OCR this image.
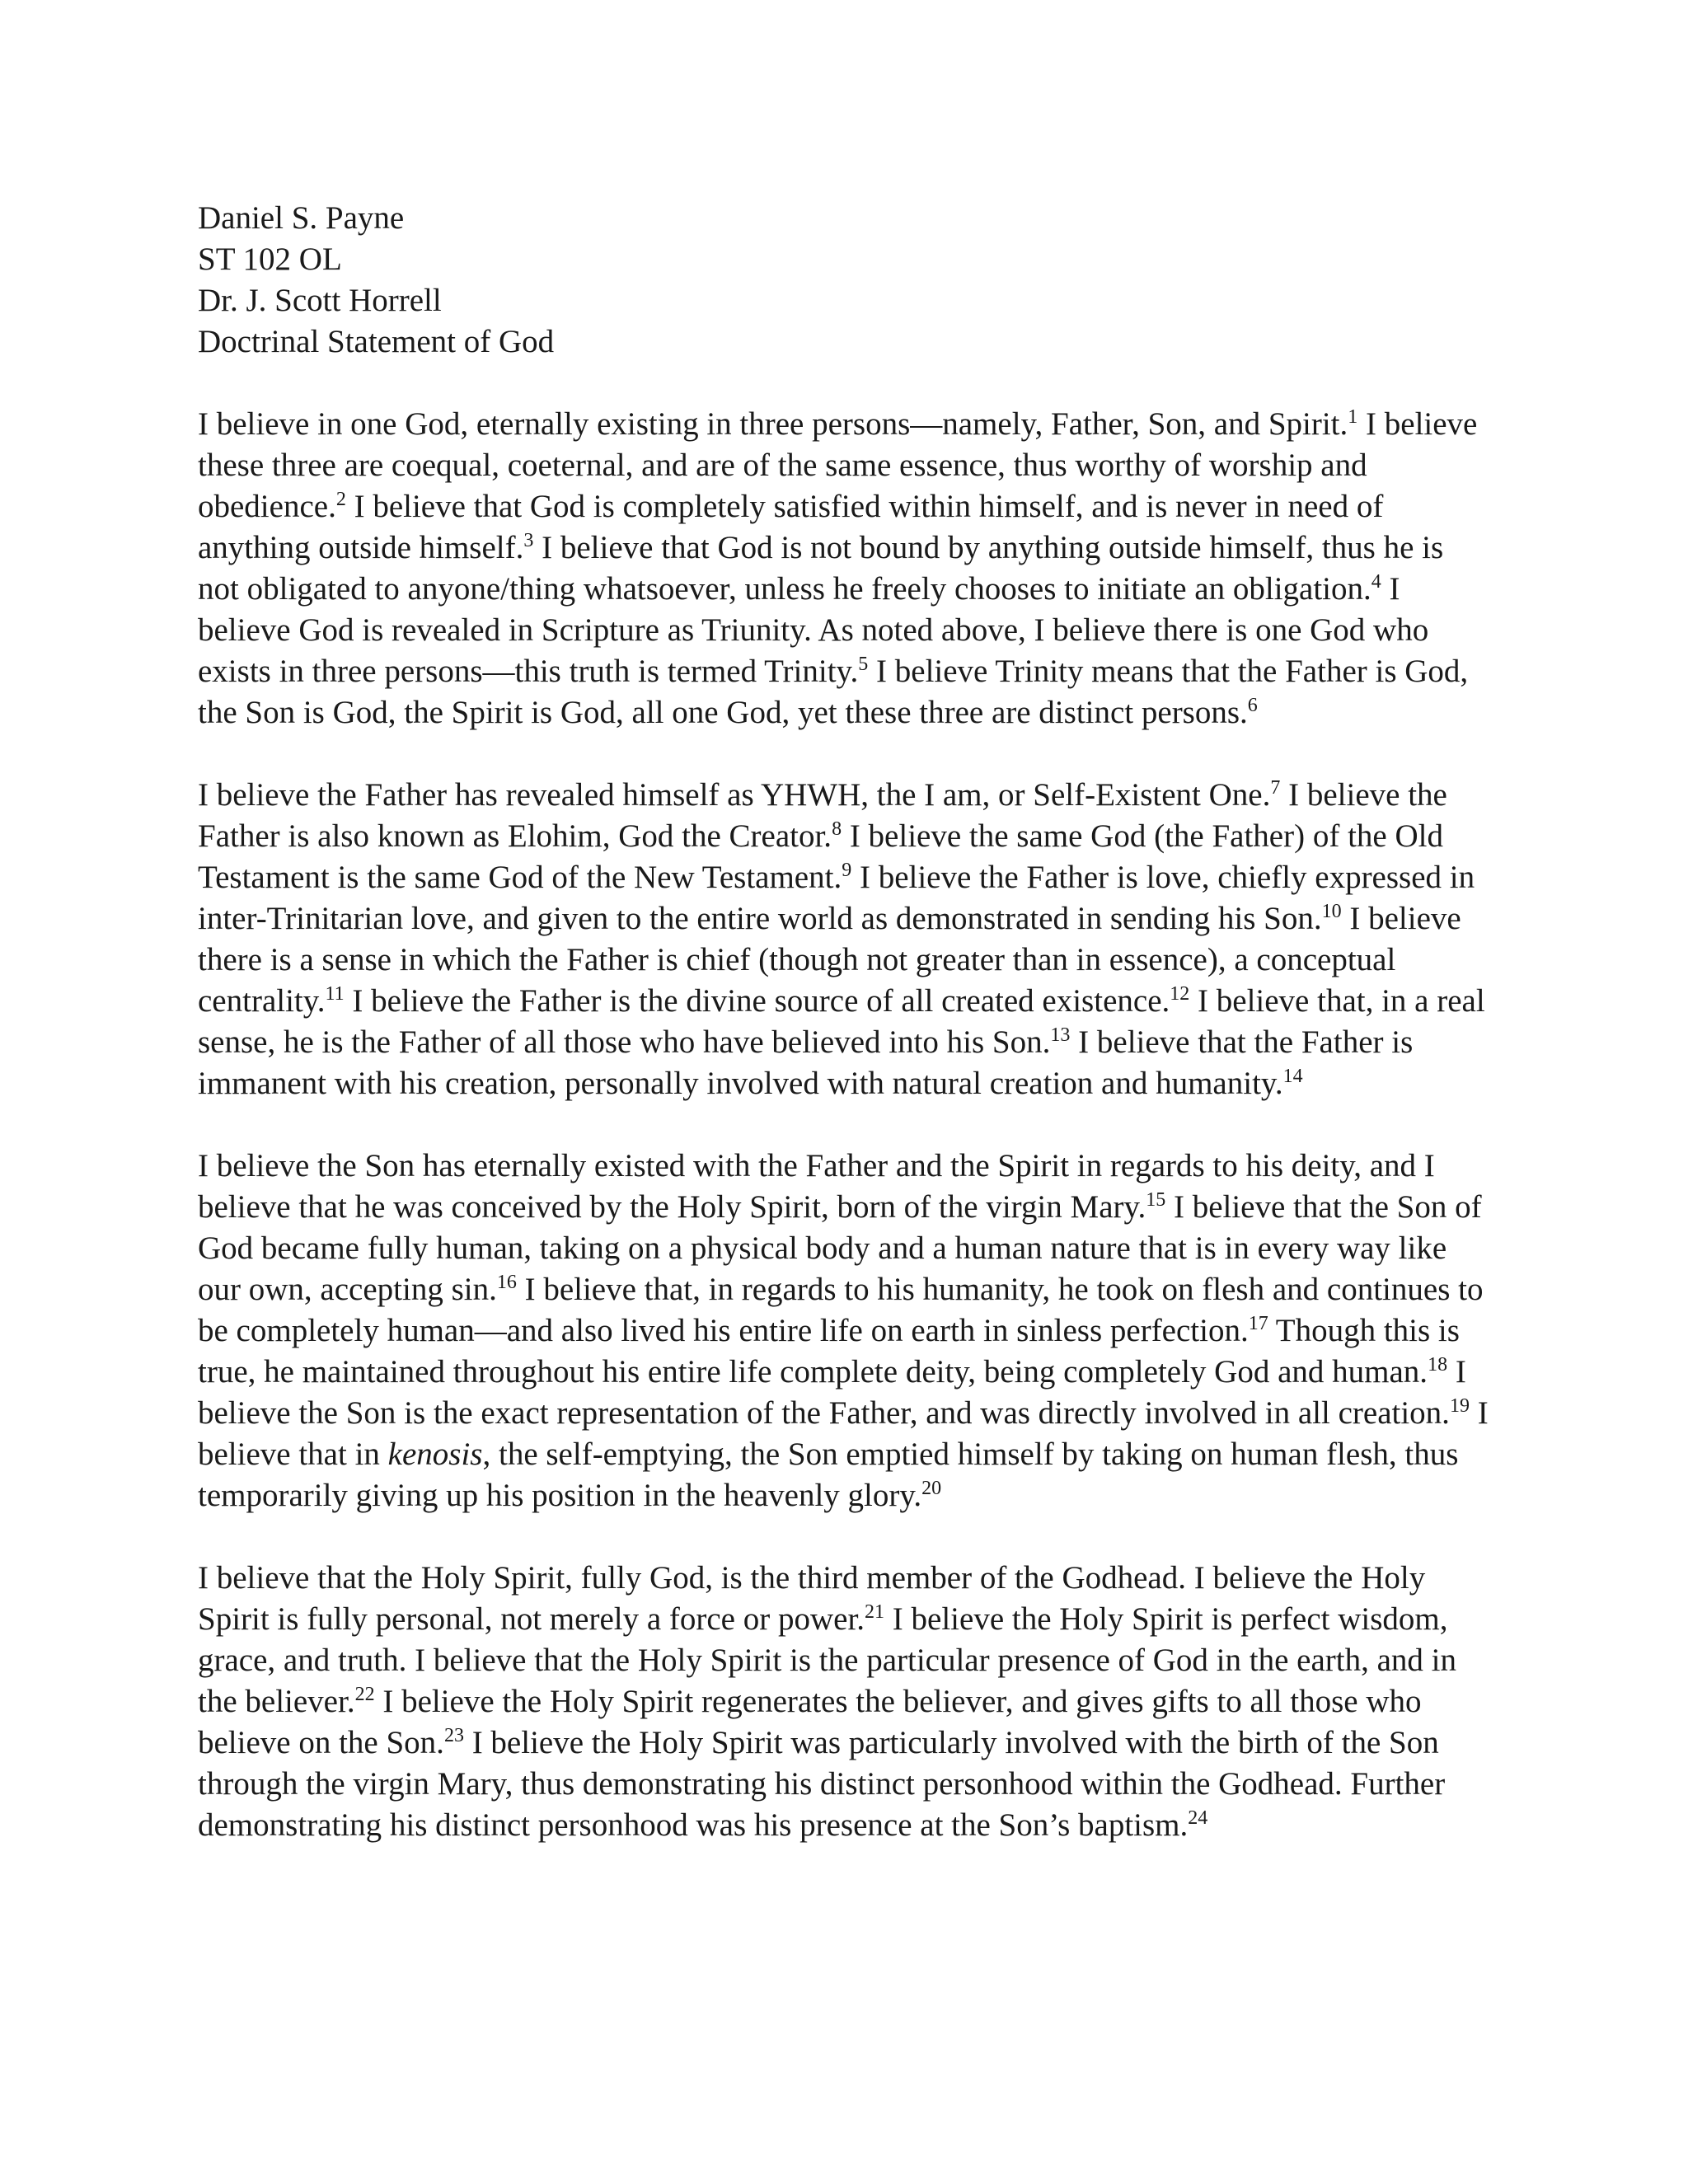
Daniel S. Payne

ST 102 OL

Dr. J. Scott Horrell

Doctrinal Statement of God

I believe in one God, eternally existing in three persons—namely, Father, Son, and Spirit.$^1$ I believe these three are coequal, coeternal, and are of the same essence, thus worthy of worship and obedience.$^2$ I believe that God is completely satisfied within himself, and is never in need of anything outside himself.$^3$ I believe that God is not bound by anything outside himself, thus he is not obligated to anyone/thing whatsoever, unless he freely chooses to initiate an obligation.$^4$ I believe God is revealed in Scripture as Triunity. As noted above, I believe there is one God who exists in three persons—this truth is termed Trinity.$^5$ I believe Trinity means that the Father is God, the Son is God, the Spirit is God, all one God, yet these three are distinct persons.$^6$

I believe the Father has revealed himself as YHWH, the I am, or Self-Existent One.$^7$ I believe the Father is also known as Elohim, God the Creator.$^8$ I believe the same God (the Father) of the Old Testament is the same God of the New Testament.$^9$ I believe the Father is love, chiefly expressed in inter-Trinitarian love, and given to the entire world as demonstrated in sending his Son.$^{10}$ I believe there is a sense in which the Father is chief (though not greater than in essence), a conceptual centrality.$^{11}$ I believe the Father is the divine source of all created existence.$^{12}$ I believe that, in a real sense, he is the Father of all those who have believed into his Son.$^{13}$ I believe that the Father is immanent with his creation, personally involved with natural creation and humanity.$^{14}$

I believe the Son has eternally existed with the Father and the Spirit in regards to his deity, and I believe that he was conceived by the Holy Spirit, born of the virgin Mary.$^{15}$ I believe that the Son of God became fully human, taking on a physical body and a human nature that is in every way like our own, accepting sin.$^{16}$ I believe that, in regards to his humanity, he took on flesh and continues to be completely human—and also lived his entire life on earth in sinless perfection.$^{17}$ Though this is true, he maintained throughout his entire life complete deity, being completely God and human.$^{18}$ I believe the Son is the exact representation of the Father, and was directly involved in all creation.$^{19}$ I believe that in kenosis, the self-emptying, the Son emptied himself by taking on human flesh, thus temporarily giving up his position in the heavenly glory.$^{20}$

I believe that the Holy Spirit, fully God, is the third member of the Godhead. I believe the Holy Spirit is fully personal, not merely a force or power.$^{21}$ I believe the Holy Spirit is perfect wisdom, grace, and truth. I believe that the Holy Spirit is the particular presence of God in the earth, and in the believer.$^{22}$ I believe the Holy Spirit regenerates the believer, and gives gifts to all those who believe on the Son.$^{23}$ I believe the Holy Spirit was particularly involved with the birth of the Son through the virgin Mary, thus demonstrating his distinct personhood within the Godhead. Further demonstrating his distinct personhood was his presence at the Son’s baptism.$^{24}$
